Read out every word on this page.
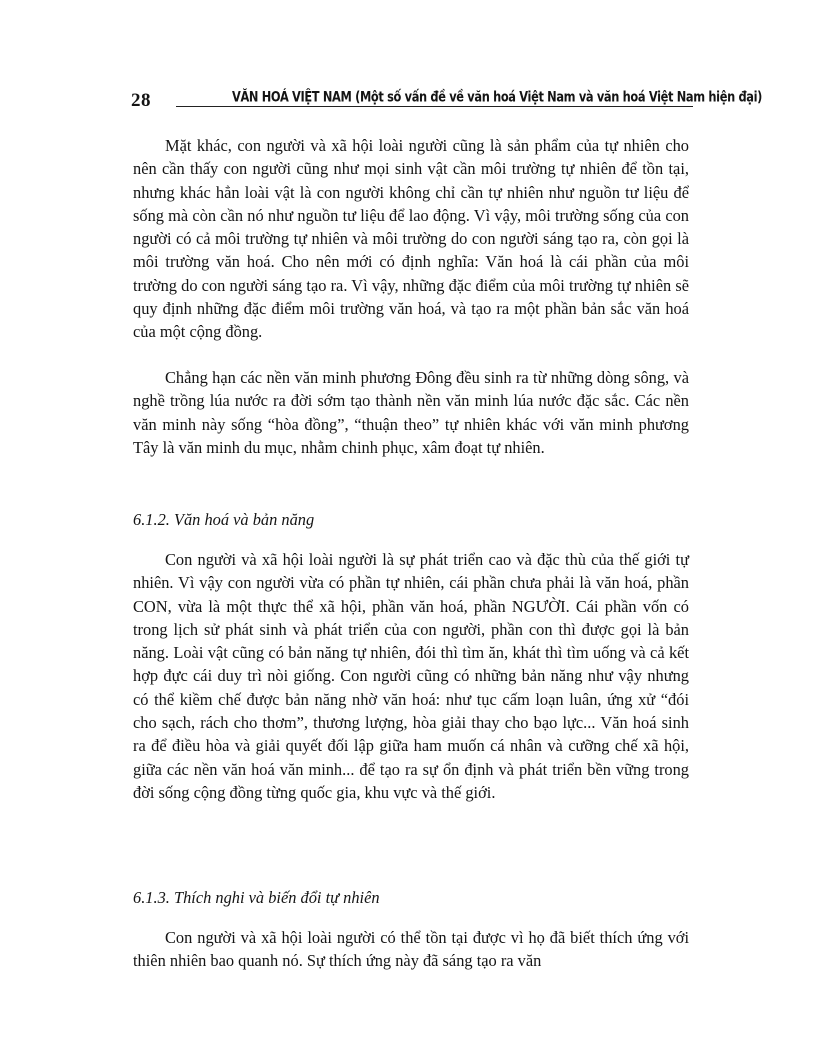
28	VĂN HOÁ VIỆT NAM (Một số vấn đề về văn hoá Việt Nam và văn hoá Việt Nam hiện đại)

Mặt khác, con người và xã hội loài người cũng là sản phẩm của tự nhiên cho nên cần thấy con người cũng như mọi sinh vật cần môi trường tự nhiên để tồn tại, nhưng khác hẳn loài vật là con người không chỉ cần tự nhiên như nguồn tư liệu để sống mà còn cần nó như nguồn tư liệu để lao động. Vì vậy, môi trường sống của con người có cả môi trường tự nhiên và môi trường do con người sáng tạo ra, còn gọi là môi trường văn hoá. Cho nên mới có định nghĩa: Văn hoá là cái phần của môi trường do con người sáng tạo ra. Vì vậy, những đặc điểm của môi trường tự nhiên sẽ quy định những đặc điểm môi trường văn hoá, và tạo ra một phần bản sắc văn hoá của một cộng đồng.

Chẳng hạn các nền văn minh phương Đông đều sinh ra từ những dòng sông, và nghề trồng lúa nước ra đời sớm tạo thành nền văn minh lúa nước đặc sắc. Các nền văn minh này sống “hòa đồng”, “thuận theo” tự nhiên khác với văn minh phương Tây là văn minh du mục, nhằm chinh phục, xâm đoạt tự nhiên.

6.1.2. Văn hoá và bản năng

Con người và xã hội loài người là sự phát triển cao và đặc thù của thế giới tự nhiên. Vì vậy con người vừa có phần tự nhiên, cái phần chưa phải là văn hoá, phần CON, vừa là một thực thể xã hội, phần văn hoá, phần NGƯỜI. Cái phần vốn có trong lịch sử phát sinh và phát triển của con người, phần con thì được gọi là bản năng. Loài vật cũng có bản năng tự nhiên, đói thì tìm ăn, khát thì tìm uống và cả kết hợp đực cái duy trì nòi giống. Con người cũng có những bản năng như vậy nhưng có thể kiềm chế được bản năng nhờ văn hoá: như tục cấm loạn luân, ứng xử “đói cho sạch, rách cho thơm”, thương lượng, hòa giải thay cho bạo lực... Văn hoá sinh ra để điều hòa và giải quyết đối lập giữa ham muốn cá nhân và cưỡng chế xã hội, giữa các nền văn hoá văn minh... để tạo ra sự ổn định và phát triển bền vững trong đời sống cộng đồng từng quốc gia, khu vực và thế giới.

6.1.3. Thích nghi và biến đổi tự nhiên

Con người và xã hội loài người có thể tồn tại được vì họ đã biết thích ứng với thiên nhiên bao quanh nó. Sự thích ứng này đã sáng tạo ra văn
